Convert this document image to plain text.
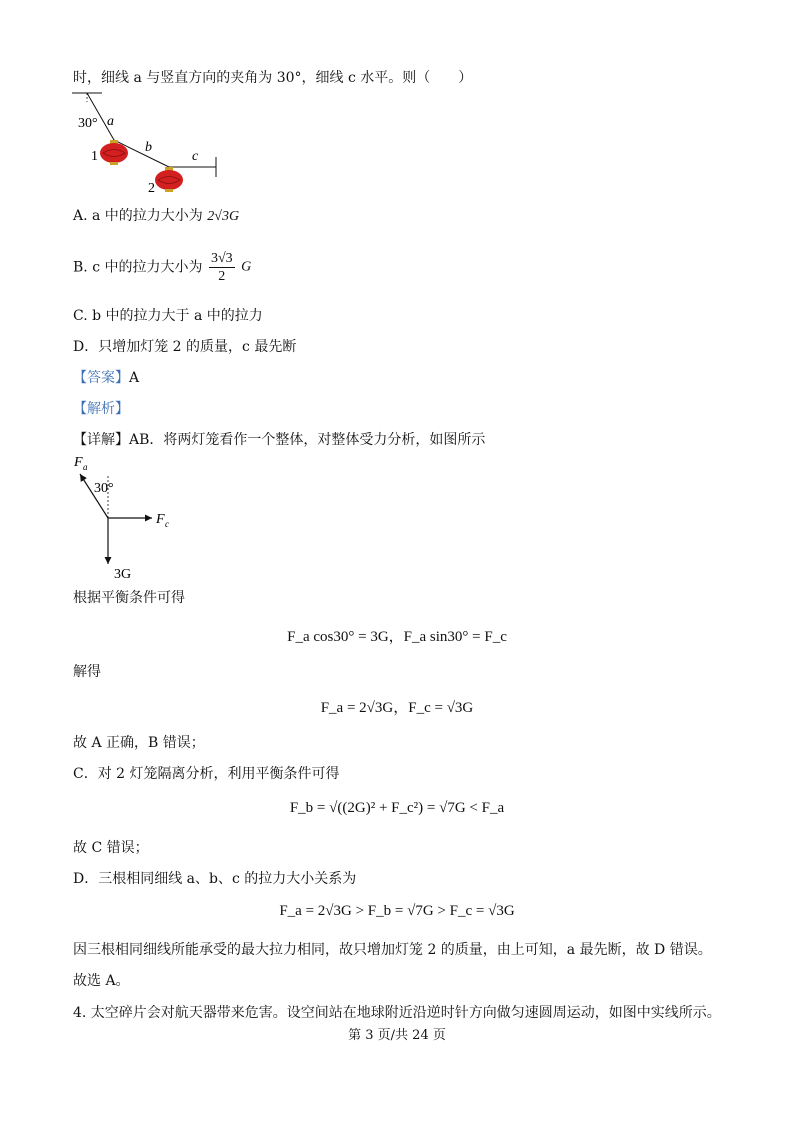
时，细线 a 与竖直方向的夹角为 30°，细线 c 水平。则（　　）
30° a
b
c
1
2
A. a 中的拉力大小为 2√3G
B. c 中的拉力大小为 $\frac{3√3}{2}$ G
C. b 中的拉力大于 a 中的拉力
D．只增加灯笼 2 的质量，c 最先断
【答案】A
【解析】
【详解】AB．将两灯笼看作一个整体，对整体受力分析，如图所示
F a
30°
F c
3G
根据平衡条件可得
F_a cos30° = 3G，F_a sin30° = F_c
解得
F_a = 2√3G，F_c = √3G
故 A 正确，B 错误；
C．对 2 灯笼隔离分析，利用平衡条件可得
F_b = √((2G)² + F_c²) = √7G < F_a
故 C 错误；
D．三根相同细线 a、b、c 的拉力大小关系为
F_a = 2√3G > F_b = √7G > F_c = √3G
因三根相同细线所能承受的最大拉力相同，故只增加灯笼 2 的质量，由上可知，a 最先断，故 D 错误。
故选 A。
4. 太空碎片会对航天器带来危害。设空间站在地球附近沿逆时针方向做匀速圆周运动，如图中实线所示。
第 3 页/共 24 页
